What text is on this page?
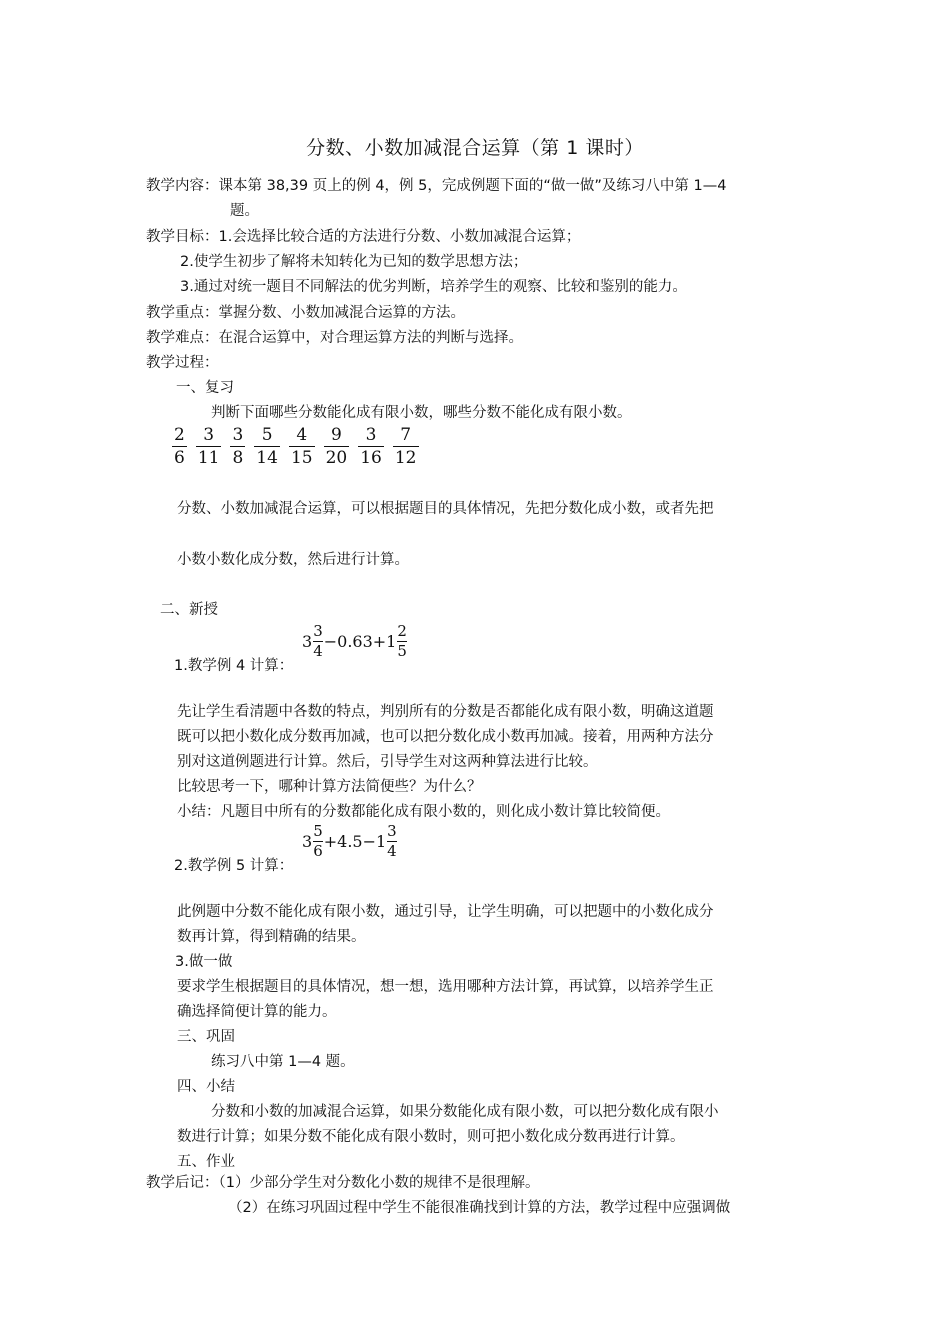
分数、小数加减混合运算（第 1 课时）
教学内容：课本第 38,39 页上的例 4，例 5，完成例题下面的“做一做”及练习八中第 1—4
题。
教学目标：1.会选择比较合适的方法进行分数、小数加减混合运算；
2.使学生初步了解将未知转化为已知的数学思想方法；
3.通过对统一题目不同解法的优劣判断，培养学生的观察、比较和鉴别的能力。
教学重点：掌握分数、小数加减混合运算的方法。
教学难点：在混合运算中，对合理运算方法的判断与选择。
教学过程：
一、复习
判断下面哪些分数能化成有限小数，哪些分数不能化成有限小数。
$\frac{2}{6} \frac{3}{11} \frac{3}{8} \frac{5}{14} \frac{4}{15} \frac{9}{20} \frac{3}{16} \frac{7}{12}$
分数、小数加减混合运算，可以根据题目的具体情况，先把分数化成小数，或者先把
小数小数化成分数，然后进行计算。
二、新授
3
3
4 −0.63+1
2
5
1.教学例 4 计算：
先让学生看清题中各数的特点，判别所有的分数是否都能化成有限小数，明确这道题
既可以把小数化成分数再加减，也可以把分数化成小数再加减。接着，用两种方法分
别对这道例题进行计算。然后，引导学生对这两种算法进行比较。
比较思考一下，哪种计算方法简便些？为什么？
小结：凡题目中所有的分数都能化成有限小数的，则化成小数计算比较简便。
3
5
6 +4.5−1
3
4
2.教学例 5 计算：
此例题中分数不能化成有限小数，通过引导，让学生明确，可以把题中的小数化成分
数再计算，得到精确的结果。
3.做一做
要求学生根据题目的具体情况，想一想，选用哪种方法计算，再试算，以培养学生正
确选择简便计算的能力。
三、巩固
练习八中第 1—4 题。
四、小结
分数和小数的加减混合运算，如果分数能化成有限小数，可以把分数化成有限小
数进行计算；如果分数不能化成有限小数时，则可把小数化成分数再进行计算。
五、作业
教学后记：（1）少部分学生对分数化小数的规律不是很理解。
（2）在练习巩固过程中学生不能很准确找到计算的方法，教学过程中应强调做
